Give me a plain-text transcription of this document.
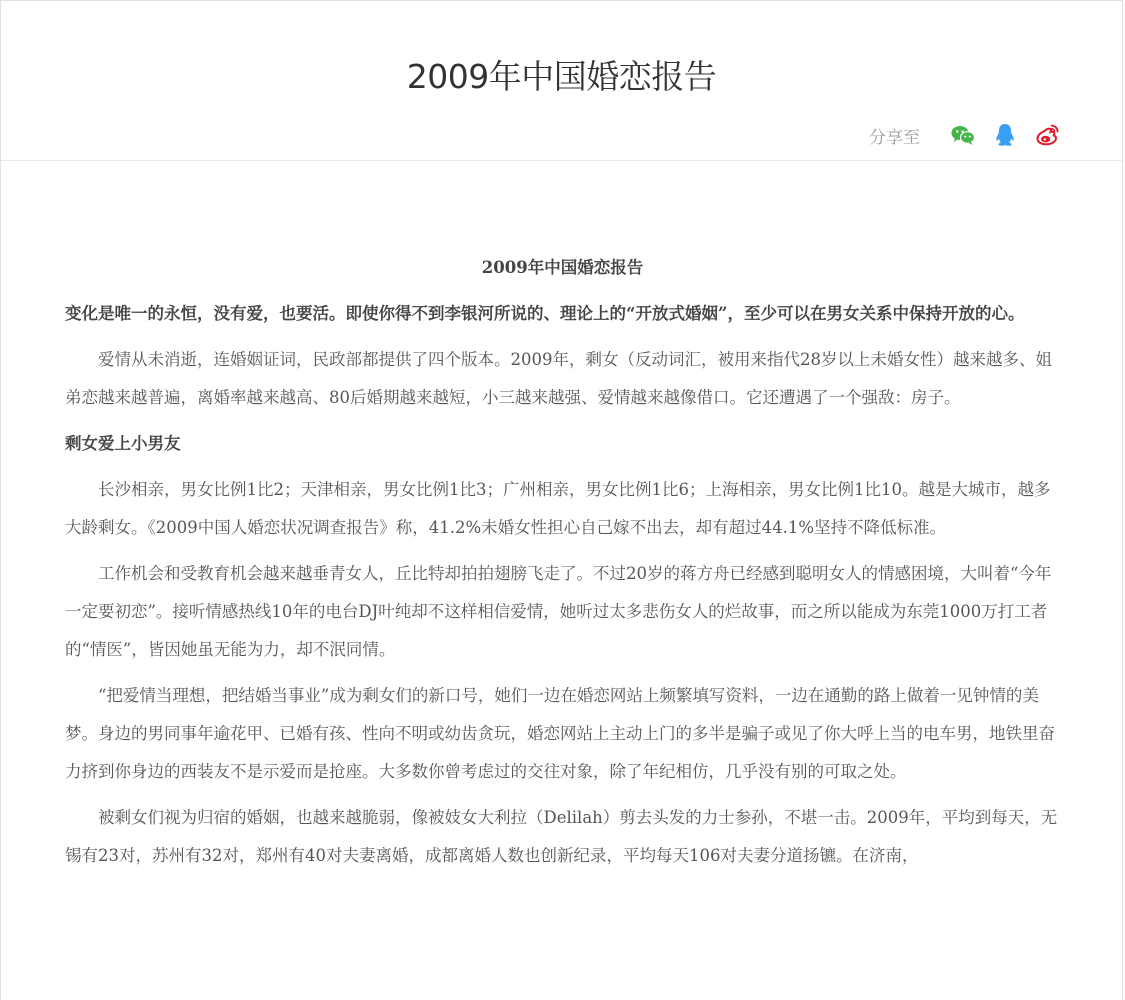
2009年中国婚恋报告
分享至

2009年中国婚恋报告

变化是唯一的永恒，没有爱，也要活。即使你得不到李银河所说的、理论上的“开放式婚姻”，至少可以在男女关系中保持开放的心。

爱情从未消逝，连婚姻证词，民政部都提供了四个版本。2009年，剩女（反动词汇，被用来指代28岁以上未婚女性）越来越多、姐弟恋越来越普遍，离婚率越来越高、80后婚期越来越短，小三越来越强、爱情越来越像借口。它还遭遇了一个强敌：房子。

剩女爱上小男友

长沙相亲，男女比例1比2；天津相亲，男女比例1比3；广州相亲，男女比例1比6；上海相亲，男女比例1比10。越是大城市，越多大龄剩女。《2009中国人婚恋状况调查报告》称，41.2%未婚女性担心自己嫁不出去，却有超过44.1%坚持不降低标准。

工作机会和受教育机会越来越垂青女人，丘比特却拍拍翅膀飞走了。不过20岁的蒋方舟已经感到聪明女人的情感困境，大叫着“今年一定要初恋”。接听情感热线10年的电台DJ叶纯却不这样相信爱情，她听过太多悲伤女人的烂故事，而之所以能成为东莞1000万打工者的“情医”，皆因她虽无能为力，却不泯同情。

“把爱情当理想，把结婚当事业”成为剩女们的新口号，她们一边在婚恋网站上频繁填写资料，一边在通勤的路上做着一见钟情的美梦。身边的男同事年逾花甲、已婚有孩、性向不明或幼齿贪玩，婚恋网站上主动上门的多半是骗子或见了你大呼上当的电车男，地铁里奋力挤到你身边的西装友不是示爱而是抢座。大多数你曾考虑过的交往对象，除了年纪相仿，几乎没有别的可取之处。

被剩女们视为归宿的婚姻，也越来越脆弱，像被妓女大利拉（Delilah）剪去头发的力士参孙，不堪一击。2009年，平均到每天，无锡有23对，苏州有32对，郑州有40对夫妻离婚，成都离婚人数也创新纪录，平均每天106对夫妻分道扬镳。在济南，
